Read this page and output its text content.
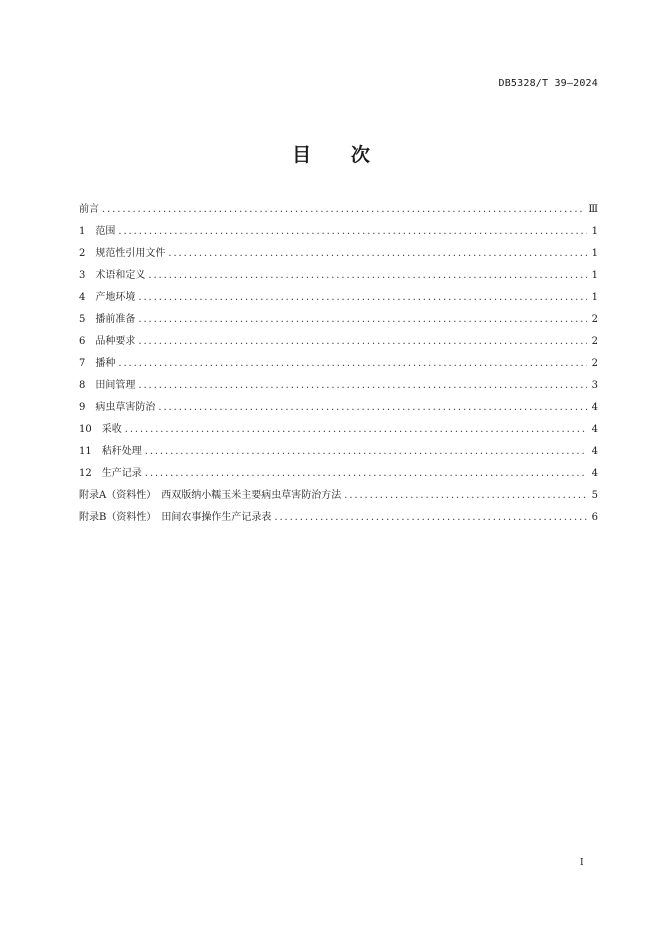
DB5328/T 39—2024
目      次
前言 .....	Ⅲ
1　范围 .....	1
2　规范性引用文件 .....	1
3　术语和定义 .....	1
4　产地环境 .....	1
5　播前准备 .....	2
6　品种要求 .....	2
7　播种 .....	2
8　田间管理 .....	3
9　病虫草害防治 .....	4
10　采收 .....	4
11　秸秆处理 .....	4
12　生产记录 .....	4
附录A（资料性）　西双版纳小糯玉米主要病虫草害防治方法 .....	5
附录B（资料性）　田间农事操作生产记录表 .....	6
I
